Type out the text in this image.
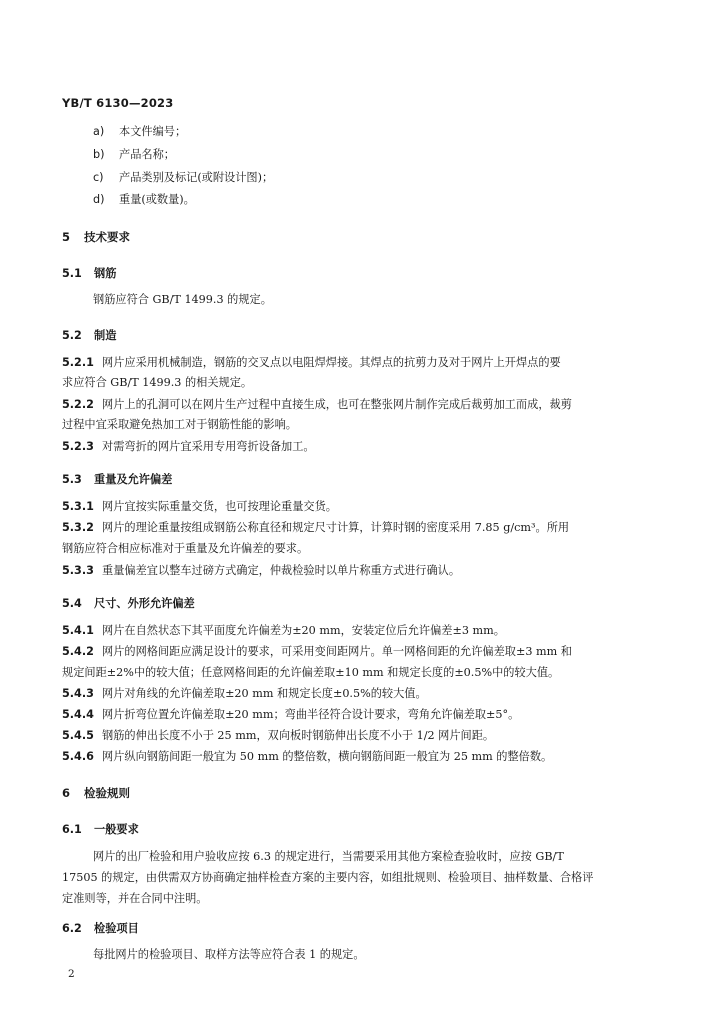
YB/T 6130—2023
a) 本文件编号；
b) 产品名称；
c) 产品类别及标记(或附设计图)；
d) 重量(或数量)。
5 技术要求
5.1 钢筋
钢筋应符合 GB/T 1499.3 的规定。
5.2 制造
5.2.1 网片应采用机械制造，钢筋的交叉点以电阻焊焊接。其焊点的抗剪力及对于网片上开焊点的要
求应符合 GB/T 1499.3 的相关规定。
5.2.2 网片上的孔洞可以在网片生产过程中直接生成，也可在整张网片制作完成后裁剪加工而成，裁剪
过程中宜采取避免热加工对于钢筋性能的影响。
5.2.3 对需弯折的网片宜采用专用弯折设备加工。
5.3 重量及允许偏差
5.3.1 网片宜按实际重量交货，也可按理论重量交货。
5.3.2 网片的理论重量按组成钢筋公称直径和规定尺寸计算，计算时钢的密度采用 7.85 g/cm³。所用
钢筋应符合相应标准对于重量及允许偏差的要求。
5.3.3 重量偏差宜以整车过磅方式确定，仲裁检验时以单片称重方式进行确认。
5.4 尺寸、外形允许偏差
5.4.1 网片在自然状态下其平面度允许偏差为±20 mm，安装定位后允许偏差±3 mm。
5.4.2 网片的网格间距应满足设计的要求，可采用变间距网片。单一网格间距的允许偏差取±3 mm 和
规定间距±2%中的较大值；任意网格间距的允许偏差取±10 mm 和规定长度的±0.5%中的较大值。
5.4.3 网片对角线的允许偏差取±20 mm 和规定长度±0.5%的较大值。
5.4.4 网片折弯位置允许偏差取±20 mm；弯曲半径符合设计要求，弯角允许偏差取±5°。
5.4.5 钢筋的伸出长度不小于 25 mm，双向板时钢筋伸出长度不小于 1/2 网片间距。
5.4.6 网片纵向钢筋间距一般宜为 50 mm 的整倍数，横向钢筋间距一般宜为 25 mm 的整倍数。
6 检验规则
6.1 一般要求
网片的出厂检验和用户验收应按 6.3 的规定进行，当需要采用其他方案检查验收时，应按 GB/T
17505 的规定，由供需双方协商确定抽样检查方案的主要内容，如组批规则、检验项目、抽样数量、合格评
定准则等，并在合同中注明。
6.2 检验项目
每批网片的检验项目、取样方法等应符合表 1 的规定。
2
